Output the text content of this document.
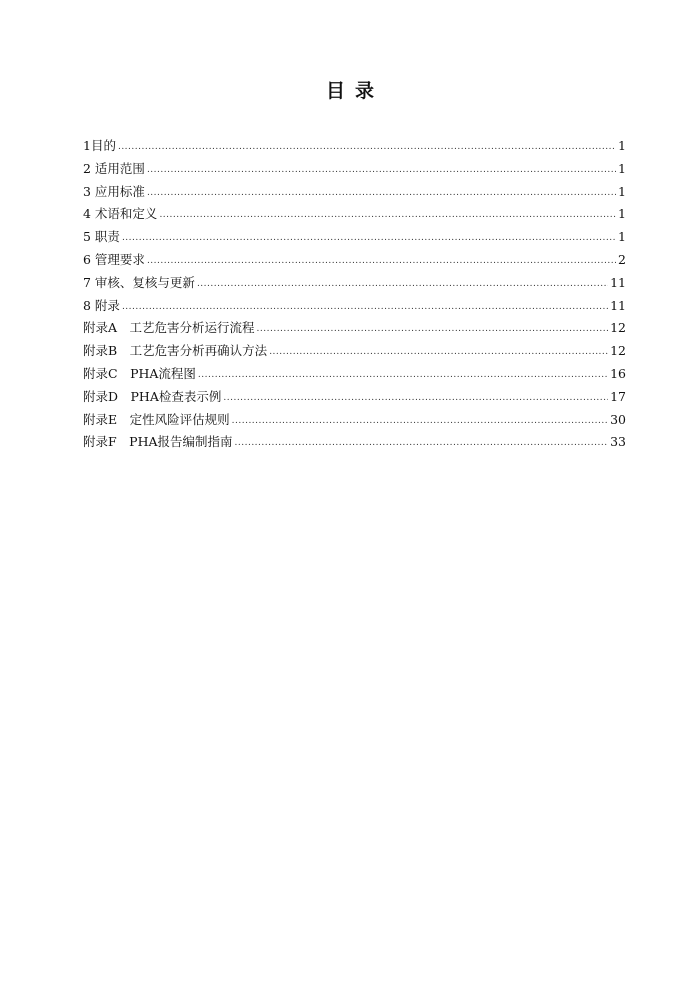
目录
1目的 .....	1
2 适用范围 .....	1
3 应用标准 .....	1
4 术语和定义 .....	1
5 职责 .....	1
6 管理要求 .....	2
7 审核、复核与更新 .....	11
8 附录 .....	11
附录A　工艺危害分析运行流程 .....	12
附录B　工艺危害分析再确认方法 .....	12
附录C　PHA流程图 .....	16
附录D　PHA检查表示例 .....	17
附录E　定性风险评估规则 .....	30
附录F　PHA报告编制指南 .....	33
